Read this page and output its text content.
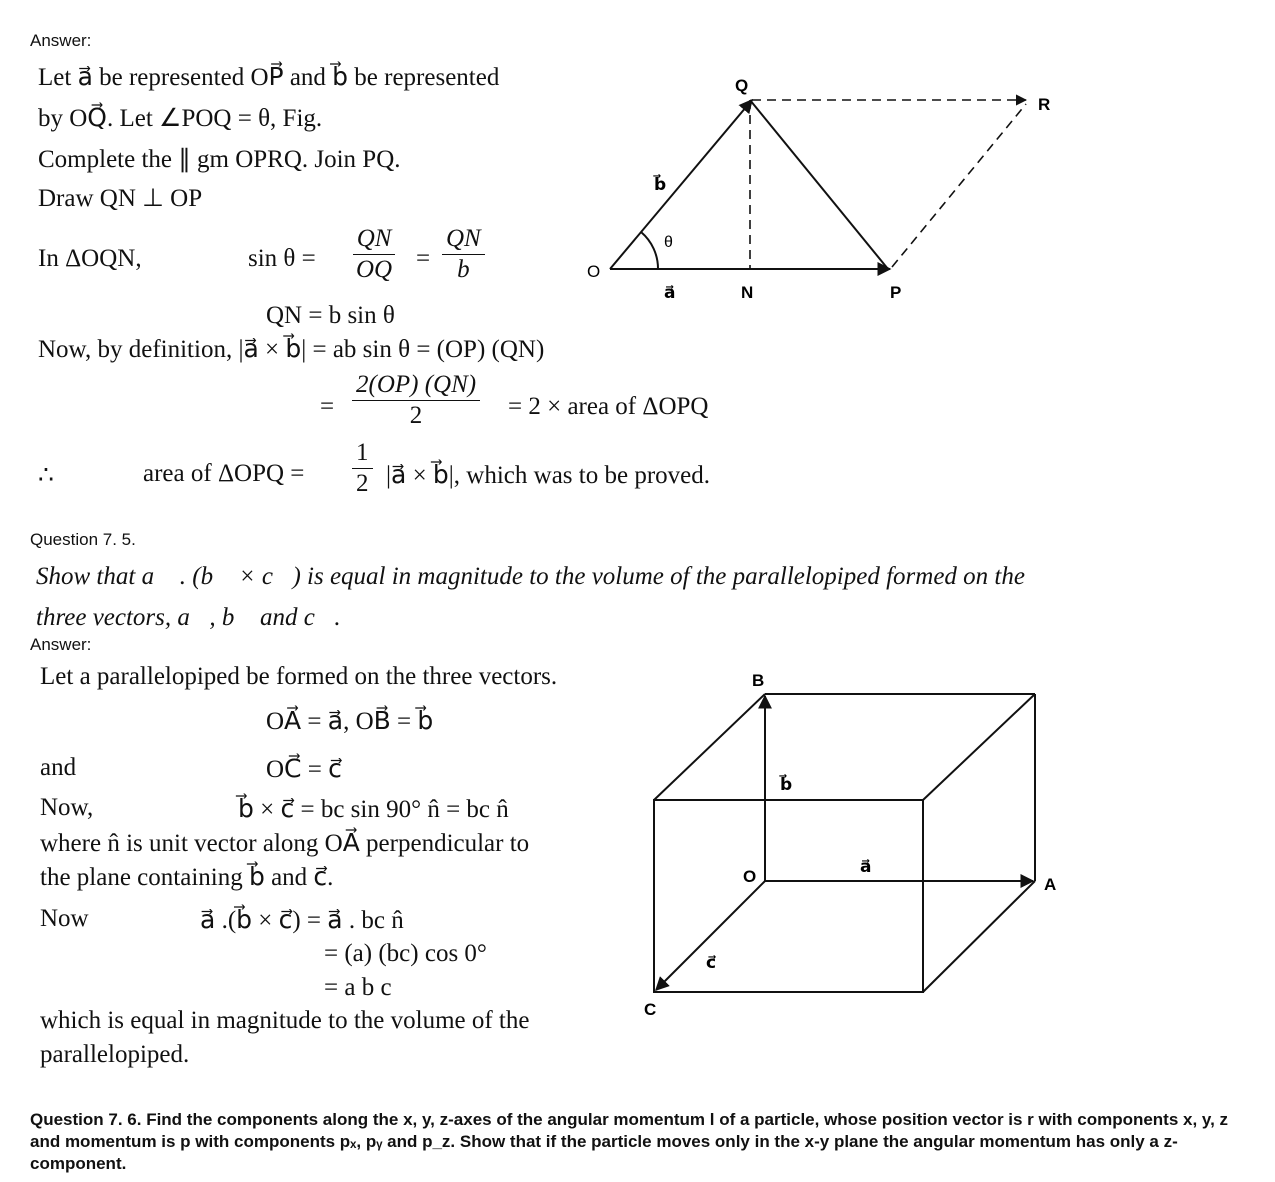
Answer:
Let a⃗ be represented OP⃗ and b⃗ be represented
by OQ⃗. Let ∠POQ = θ, Fig.
Complete the ∥ gm OPRQ. Join PQ.
Draw QN ⊥ OP
In ΔOQN,	$\sin \theta = \frac{QN}{OQ} = \frac{QN}{b}$
QN = b sin θ
Now, by definition, |a⃗ × b⃗| = ab sin θ = (OP) (QN)
= $\frac{2(OP) (QN)}{2} = 2$ × area of ΔOPQ
∴	area of $\Delta OPQ = \frac{1}{2}$ |a⃗ × b⃗|, which was to be proved.
O
P
Q
R
N
θ
a⃗
b⃗
Question 7. 5.
Show that a⃗ . (b⃗ × c⃗) is equal in magnitude to the volume of the parallelopiped formed on the
three vectors, a⃗, b⃗ and c⃗.
Answer:
Let a parallelopiped be formed on the three vectors.
OA⃗ = a⃗, OB⃗ = b⃗
and	OC⃗ = c⃗
Now,	b⃗ × c⃗ = bc sin 90° n̂ = bc n̂
where n̂ is unit vector along OA⃗ perpendicular to
the plane containing b⃗ and c⃗.
Now	a⃗ .(b⃗ × c⃗) = a⃗ . bc n̂
= (a) (bc) cos 0°
= a b c
which is equal in magnitude to the volume of the
parallelopiped.
B
A
C
O
a⃗
b⃗
c⃗
Question 7. 6. Find the components along the x, y, z-axes of the angular momentum l of a particle, whose position vector is r with components x, y, z and momentum is p with components pₓ, pᵧ and p_z. Show that if the particle moves only in the x-y plane the angular momentum has only a z- component.
